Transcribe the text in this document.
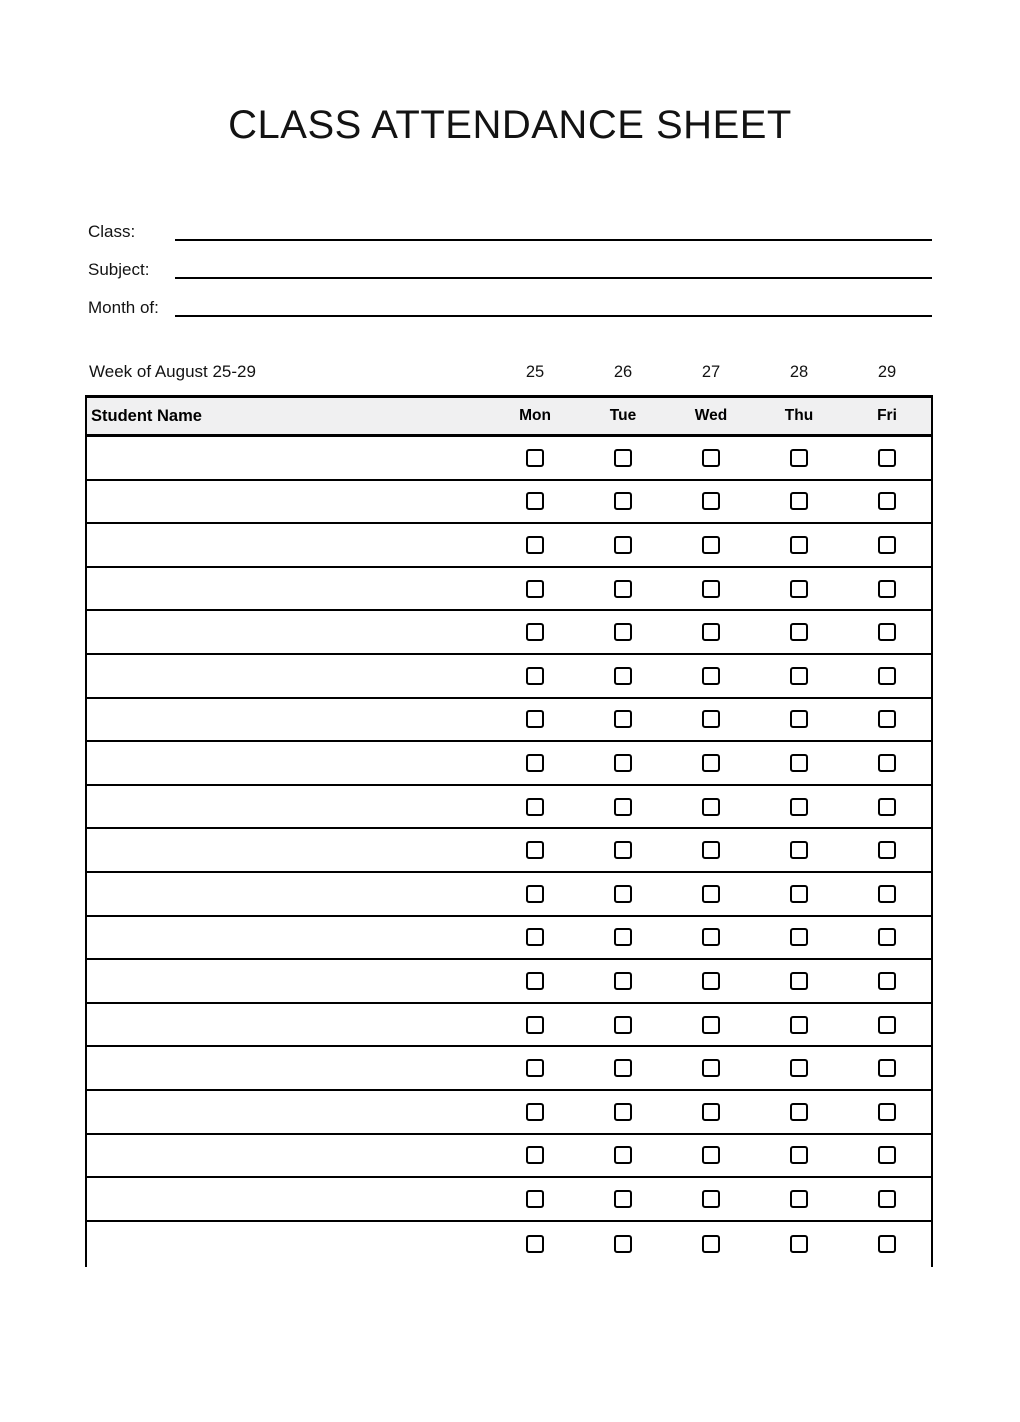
CLASS ATTENDANCE SHEET
Class:
Subject:
Month of:
Week of August 25-29	25	26	27	28	29
Student Name	Mon	Tue	Wed	Thu	Fri
